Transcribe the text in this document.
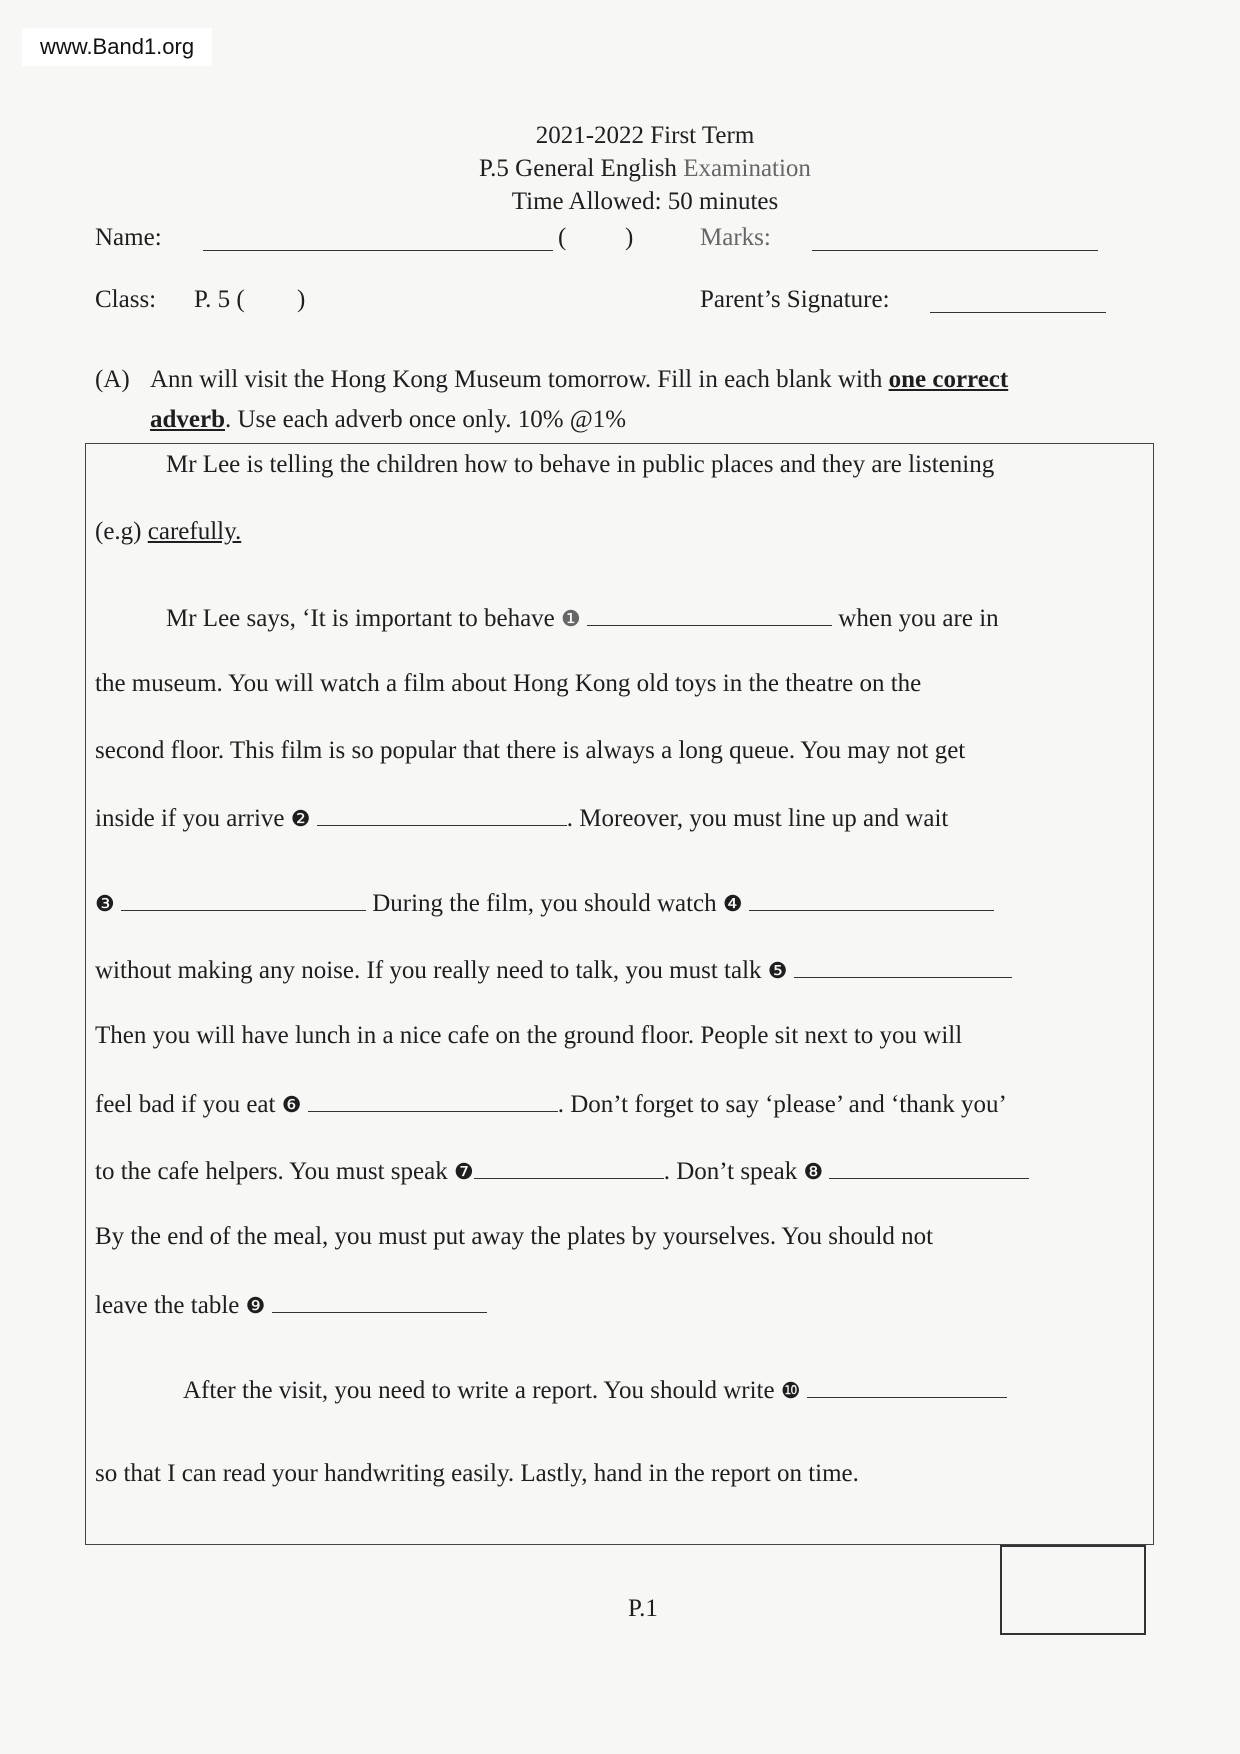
www.Band1.org
2021-2022 First Term
P.5 General English Examination
Time Allowed: 50 minutes
Name:	( )	Marks:
Class: P. 5 ( )	Parent’s Signature:
(A) Ann will visit the Hong Kong Museum tomorrow. Fill in each blank with one correct
adverb. Use each adverb once only. 10% @1%
Mr Lee is telling the children how to behave in public places and they are listening
(e.g) carefully.
Mr Lee says, ‘It is important to behave ❶	when you are in
the museum. You will watch a film about Hong Kong old toys in the theatre on the
second floor. This film is so popular that there is always a long queue. You may not get
inside if you arrive ❷	. Moreover, you must line up and wait
❸	During the film, you should watch ❹
without making any noise. If you really need to talk, you must talk ❺
Then you will have lunch in a nice cafe on the ground floor. People sit next to you will
feel bad if you eat ❻	. Don’t forget to say ‘please’ and ‘thank you’
to the cafe helpers. You must speak ❼	. Don’t speak ❽
By the end of the meal, you must put away the plates by yourselves. You should not
leave the table ❾
After the visit, you need to write a report. You should write ❿
so that I can read your handwriting easily. Lastly, hand in the report on time.
P.1
